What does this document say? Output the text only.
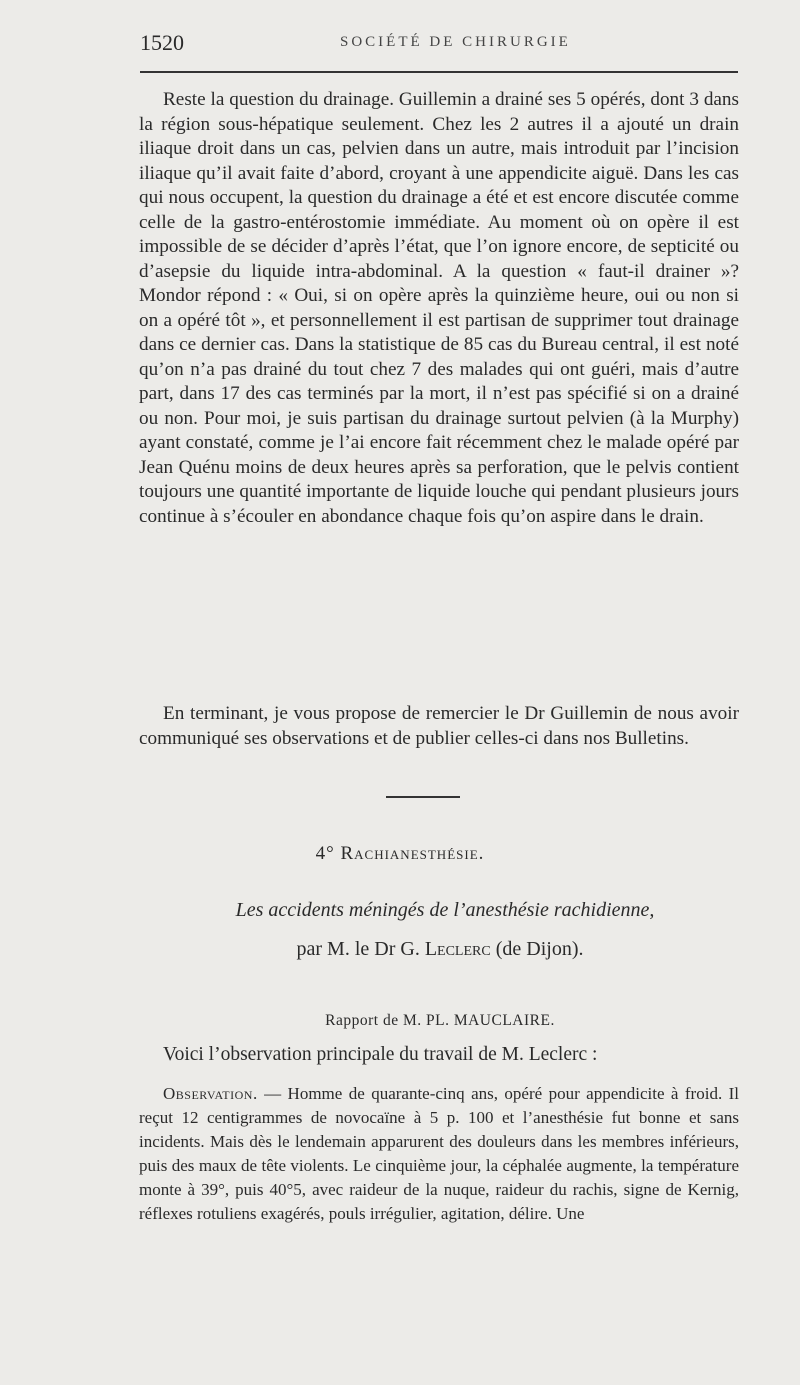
1520	SOCIÉTÉ DE CHIRURGIE

Reste la question du drainage. Guillemin a drainé ses 5 opérés, dont 3 dans la région sous-hépatique seulement. Chez les 2 autres il a ajouté un drain iliaque droit dans un cas, pelvien dans un autre, mais introduit par l’incision iliaque qu’il avait faite d’abord, croyant à une appendicite aiguë. Dans les cas qui nous occupent, la question du drainage a été et est encore discutée comme celle de la gastro-entérostomie immédiate. Au moment où on opère il est impossible de se décider d’après l’état, que l’on ignore encore, de septicité ou d’asepsie du liquide intra-abdominal. A la question « faut-il drainer »? Mondor répond : « Oui, si on opère après la quinzième heure, oui ou non si on a opéré tôt », et personnellement il est partisan de supprimer tout drainage dans ce dernier cas. Dans la statistique de 85 cas du Bureau central, il est noté qu’on n’a pas drainé du tout chez 7 des malades qui ont guéri, mais d’autre part, dans 17 des cas terminés par la mort, il n’est pas spécifié si on a drainé ou non. Pour moi, je suis partisan du drainage surtout pelvien (à la Murphy) ayant constaté, comme je l’ai encore fait récemment chez le malade opéré par Jean Quénu moins de deux heures après sa perforation, que le pelvis contient toujours une quantité importante de liquide louche qui pendant plusieurs jours continue à s’écouler en abondance chaque fois qu’on aspire dans le drain.

En terminant, je vous propose de remercier le Dr Guillemin de nous avoir communiqué ses observations et de publier celles-ci dans nos Bulletins.

4° Rachianesthésie.
Les accidents méningés de l’anesthésie rachidienne,
par M. le Dr G. Leclerc (de Dijon).
Rapport de M. PL. MAUCLAIRE.
Voici l’observation principale du travail de M. Leclerc :

Observation. — Homme de quarante-cinq ans, opéré pour appendicite à froid. Il reçut 12 centigrammes de novocaïne à 5 p. 100 et l’anesthésie fut bonne et sans incidents. Mais dès le lendemain apparurent des douleurs dans les membres inférieurs, puis des maux de tête violents. Le cinquième jour, la céphalée augmente, la température monte à 39°, puis 40°5, avec raideur de la nuque, raideur du rachis, signe de Kernig, réflexes rotuliens exagérés, pouls irrégulier, agitation, délire. Une
